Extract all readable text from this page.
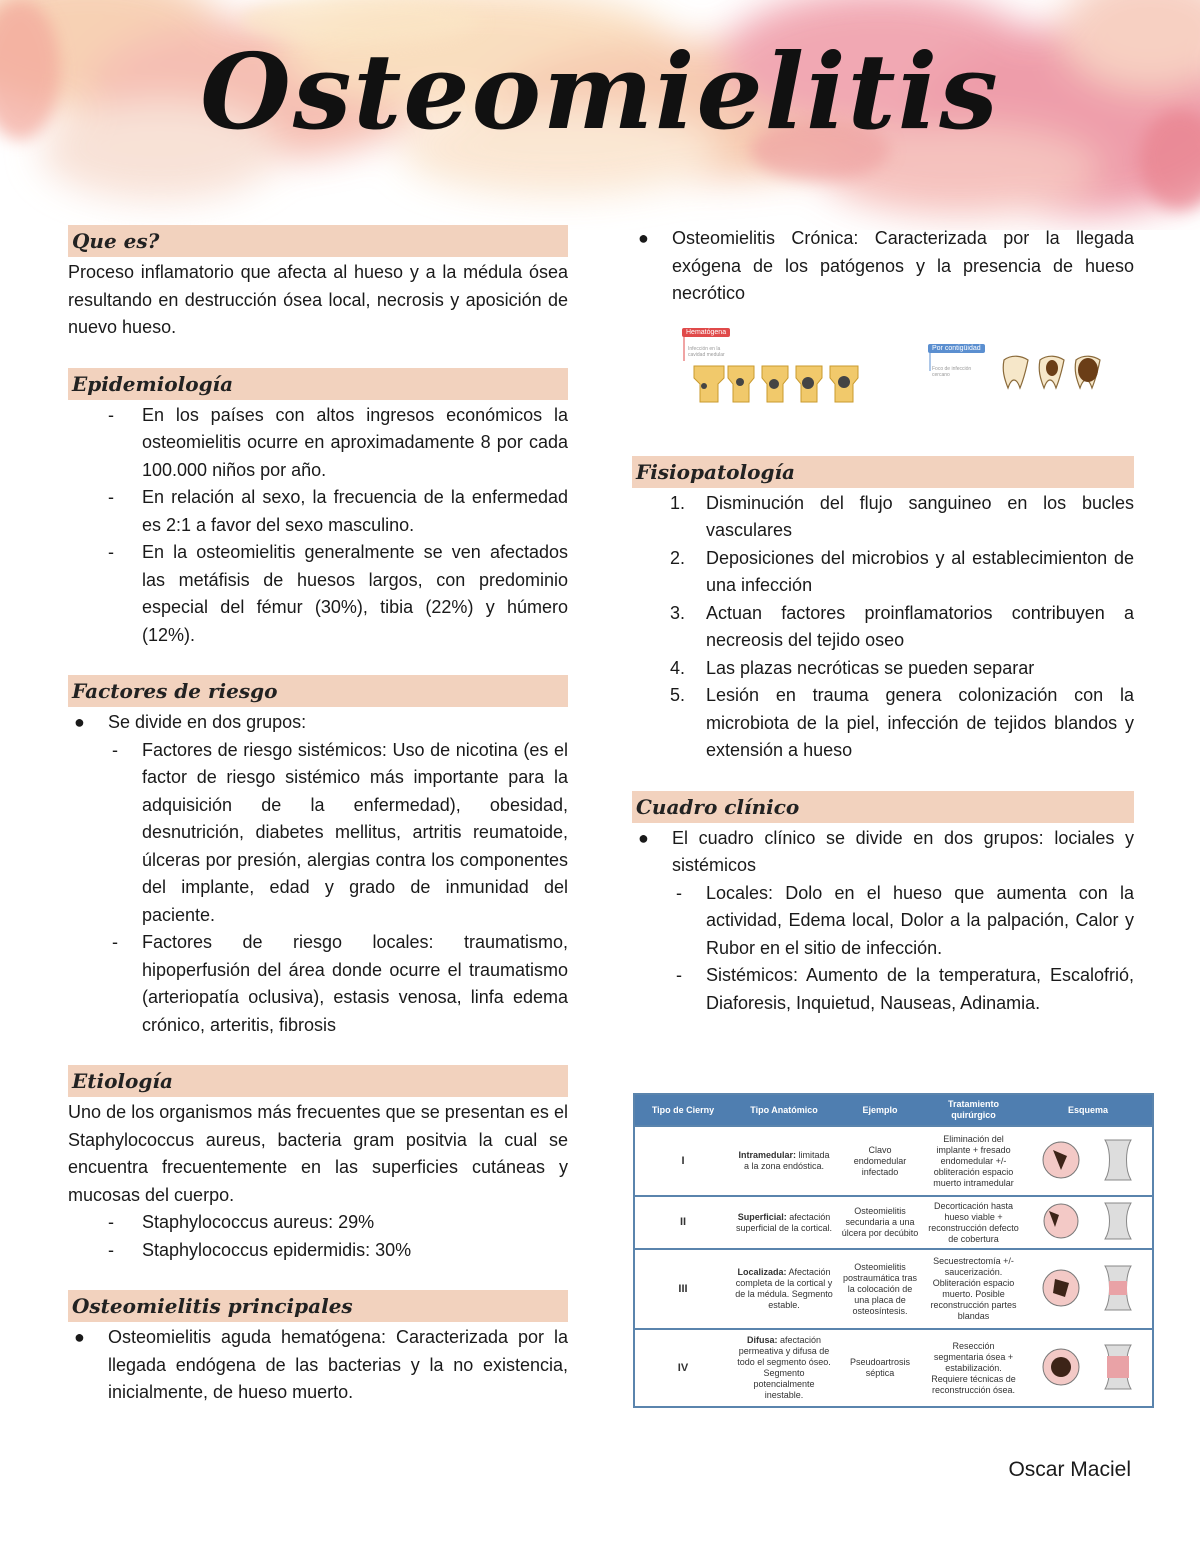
Osteomielitis
Que es?

Proceso inflamatorio que afecta al hueso y a la médula ósea resultando en destrucción ósea local, necrosis y aposición de nuevo hueso.

Epidemiología
- En los países con altos ingresos económicos la osteomielitis ocurre en aproximadamente 8 por cada 100.000 niños por año.
- En relación al sexo, la frecuencia de la enfermedad es 2:1 a favor del sexo masculino.
- En la osteomielitis generalmente se ven afectados las metáfisis de huesos largos, con predominio especial del fémur (30%), tibia (22%) y húmero (12%).
Factores de riesgo
● Se divide en dos grupos:
- Factores de riesgo sistémicos: Uso de nicotina (es el factor de riesgo sistémico más importante para la adquisición de la enfermedad), obesidad, desnutrición, diabetes mellitus, artritis reumatoide, úlceras por presión, alergias contra los componentes del implante, edad y grado de inmunidad del paciente.
- Factores de riesgo locales: traumatismo, hipoperfusión del área donde ocurre el traumatismo (arteriopatía oclusiva), estasis venosa, linfa edema crónico, arteritis, fibrosis
Etiología

Uno de los organismos más frecuentes que se presentan es el Staphylococcus aureus, bacteria gram positvia la cual se encuentra frecuentemente en las superficies cutáneas y mucosas del cuerpo.

- Staphylococcus aureus: 29%
- Staphylococcus epidermidis: 30%
Osteomielitis principales
● Osteomielitis aguda hematógena: Caracterizada por la llegada endógena de las bacterias y la no existencia, inicialmente, de hueso muerto.
● Osteomielitis Crónica: Caracterizada por la llegada exógena de los patógenos y la presencia de hueso necrótico
Hematógena
Infección en la cavidad medular
Por contigüidad
Foco de infección cercano
Fisiopatología
1. Disminución del flujo sanguineo en los bucles vasculares
2. Deposiciones del microbios y al establecimienton de una infección
3. Actuan factores proinflamatorios contribuyen a necreosis del tejido oseo
4. Las plazas necróticas se pueden separar
5. Lesión en trauma genera colonización con la microbiota de la piel, infección de tejidos blandos y extensión a hueso
Cuadro clínico
● El cuadro clínico se divide en dos grupos: lociales y sistémicos
- Locales: Dolo en el hueso que aumenta con la actividad, Edema local, Dolor a la palpación, Calor y Rubor en el sitio de infección.
- Sistémicos: Aumento de la temperatura, Escalofrió, Diaforesis, Inquietud, Nauseas, Adinamia.
Tipo de Cierny	Tipo Anatómico	Ejemplo	Tratamiento quirúrgico	Esquema
I	Intramedular: limitada a la zona endóstica.	Clavo endomedular infectado	Eliminación del implante + fresado endomedular +/- obliteración espacio muerto intramedular	
II	Superficial: afectación superficial de la cortical.	Osteomielitis secundaria a una úlcera por decúbito	Decorticación hasta hueso viable + reconstrucción defecto de cobertura	
III	Localizada: Afectación completa de la cortical y de la médula. Segmento estable.	Osteomielitis postraumática tras la colocación de una placa de osteosíntesis.	Secuestrectomía +/- saucerización. Obliteración espacio muerto. Posible reconstrucción partes blandas	
IV	Difusa: afectación permeativa y difusa de todo el segmento óseo. Segmento potencialmente inestable.	Pseudoartrosis séptica	Resección segmentaria ósea + estabilización. Requiere técnicas de reconstrucción ósea.	
Oscar Maciel
